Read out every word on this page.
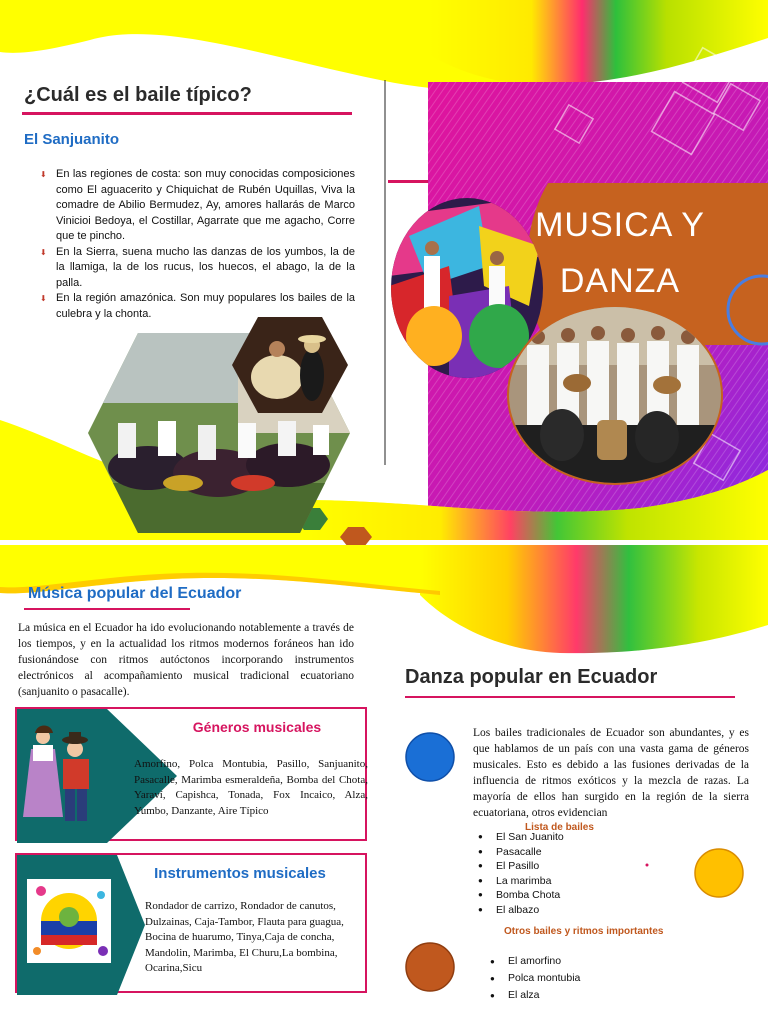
¿Cuál es el baile típico?
El Sanjuanito
⬇ En las regiones de costa: son muy conocidas composiciones como El aguacerito y Chiquichat de Rubén Uquillas, Viva la comadre de Abilio Bermudez, Ay, amores hallarás de Marco Vinicioi Bedoya, el Costillar, Agarrate que me agacho, Corre que te pincho.
⬇ En la Sierra, suena mucho las danzas de los yumbos, la de la llamiga, la de los rucus, los huecos, el abago, la de la palla.
⬇ En la región amazónica. Son muy populares los bailes de la culebra y la chonta.
MUSICA Y
DANZA
Música popular del Ecuador
La música en el Ecuador ha ido evolucionando notablemente a través de los tiempos, y en la actualidad los ritmos modernos foráneos han ido fusionándose con ritmos autóctonos incorporando instrumentos electrónicos al acompañamiento musical tradicional ecuatoriano (sanjuanito o pasacalle).
Géneros musicales
Amorfino, Polca Montubia, Pasillo, Sanjuanito, Pasacalle, Marimba esmeraldeña, Bomba del Chota, Yaraví, Capishca, Tonada, Fox Incaico, Alza, Yumbo, Danzante, Aire Típico
Instrumentos musicales
Rondador de carrizo, Rondador de canutos, Dulzainas, Caja-Tambor, Flauta para guagua, Bocina de huarumo, Tinya,Caja de concha, Mandolin, Marimba, El Churu,La bombina, Ocarina,Sicu
Danza popular en Ecuador
Los bailes tradicionales de Ecuador son abundantes, y es que hablamos de un país con una vasta gama de géneros musicales. Esto es debido a las fusiones derivadas de la influencia de ritmos exóticos y la mezcla de razas. La mayoría de ellos han surgido en la región de la sierra ecuatoriana, otros evidencian
Lista de bailes
● El San Juanito
● Pasacalle
● El Pasillo
● La marimba
● Bomba Chota
● El albazo
Otros bailes y ritmos importantes
● El amorfino
● Polca montubia
● El alza
